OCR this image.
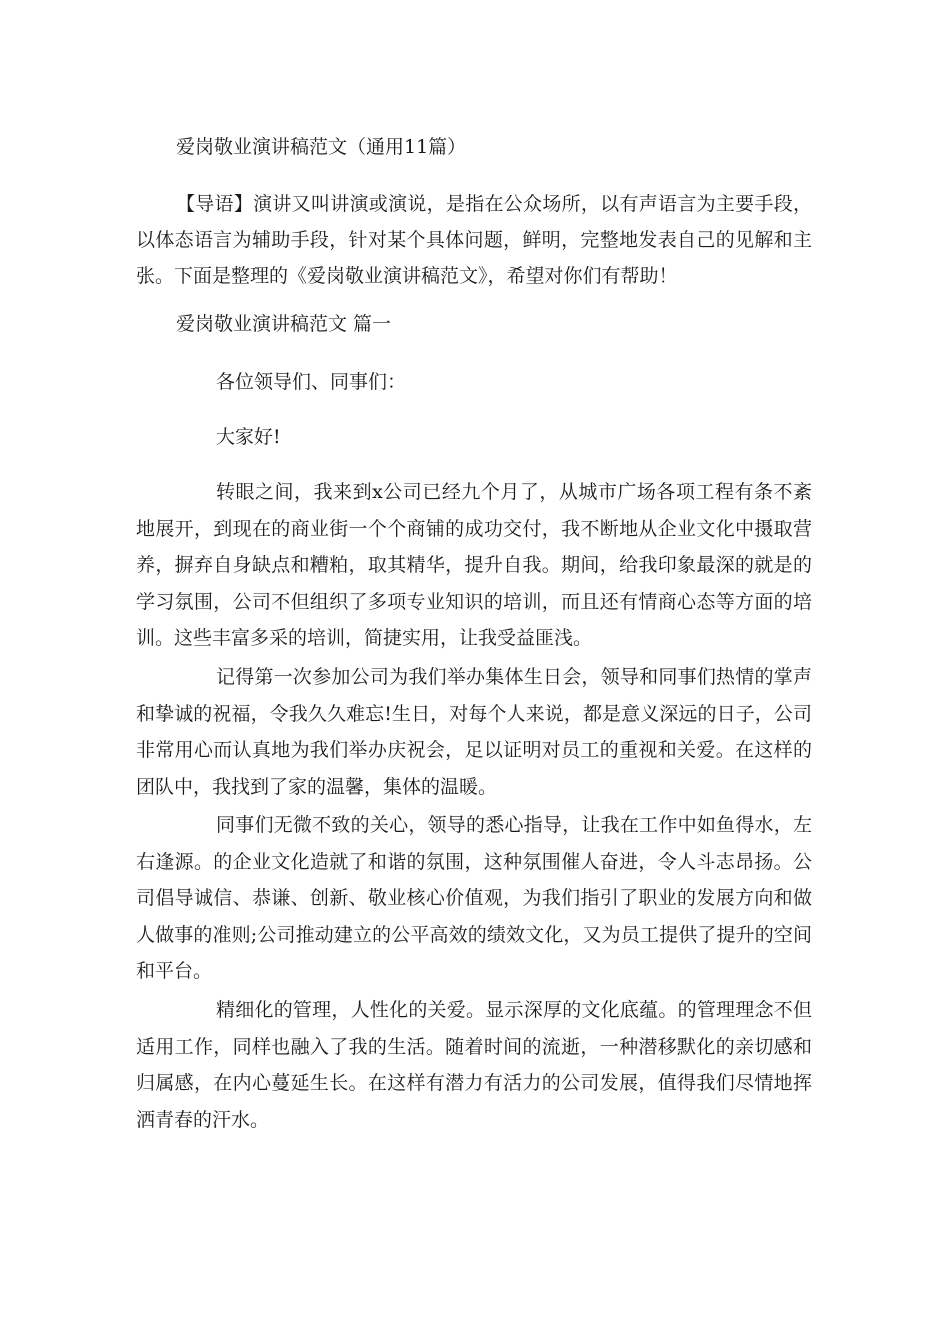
爱岗敬业演讲稿范文（通用11篇）
【导语】演讲又叫讲演或演说，是指在公众场所，以有声语言为主要手段，以体态语言为辅助手段，针对某个具体问题，鲜明，完整地发表自己的见解和主张。下面是整理的《爱岗敬业演讲稿范文》，希望对你们有帮助！
爱岗敬业演讲稿范文 篇一
各位领导们、同事们：
大家好!
转眼之间，我来到x公司已经九个月了，从城市广场各项工程有条不紊地展开，到现在的商业街一个个商铺的成功交付，我不断地从企业文化中摄取营养，摒弃自身缺点和糟粕，取其精华，提升自我。期间，给我印象最深的就是的学习氛围，公司不但组织了多项专业知识的培训，而且还有情商心态等方面的培训。这些丰富多采的培训，简捷实用，让我受益匪浅。
记得第一次参加公司为我们举办集体生日会，领导和同事们热情的掌声和挚诚的祝福，令我久久难忘!生日，对每个人来说，都是意义深远的日子，公司非常用心而认真地为我们举办庆祝会，足以证明对员工的重视和关爱。在这样的团队中，我找到了家的温馨，集体的温暖。
同事们无微不致的关心，领导的悉心指导，让我在工作中如鱼得水，左右逢源。的企业文化造就了和谐的氛围，这种氛围催人奋进，令人斗志昂扬。公司倡导诚信、恭谦、创新、敬业核心价值观，为我们指引了职业的发展方向和做人做事的准则;公司推动建立的公平高效的绩效文化，又为员工提供了提升的空间和平台。
精细化的管理，人性化的关爱。显示深厚的文化底蕴。的管理理念不但适用工作，同样也融入了我的生活。随着时间的流逝，一种潜移默化的亲切感和归属感，在内心蔓延生长。在这样有潜力有活力的公司发展，值得我们尽情地挥洒青春的汗水。
